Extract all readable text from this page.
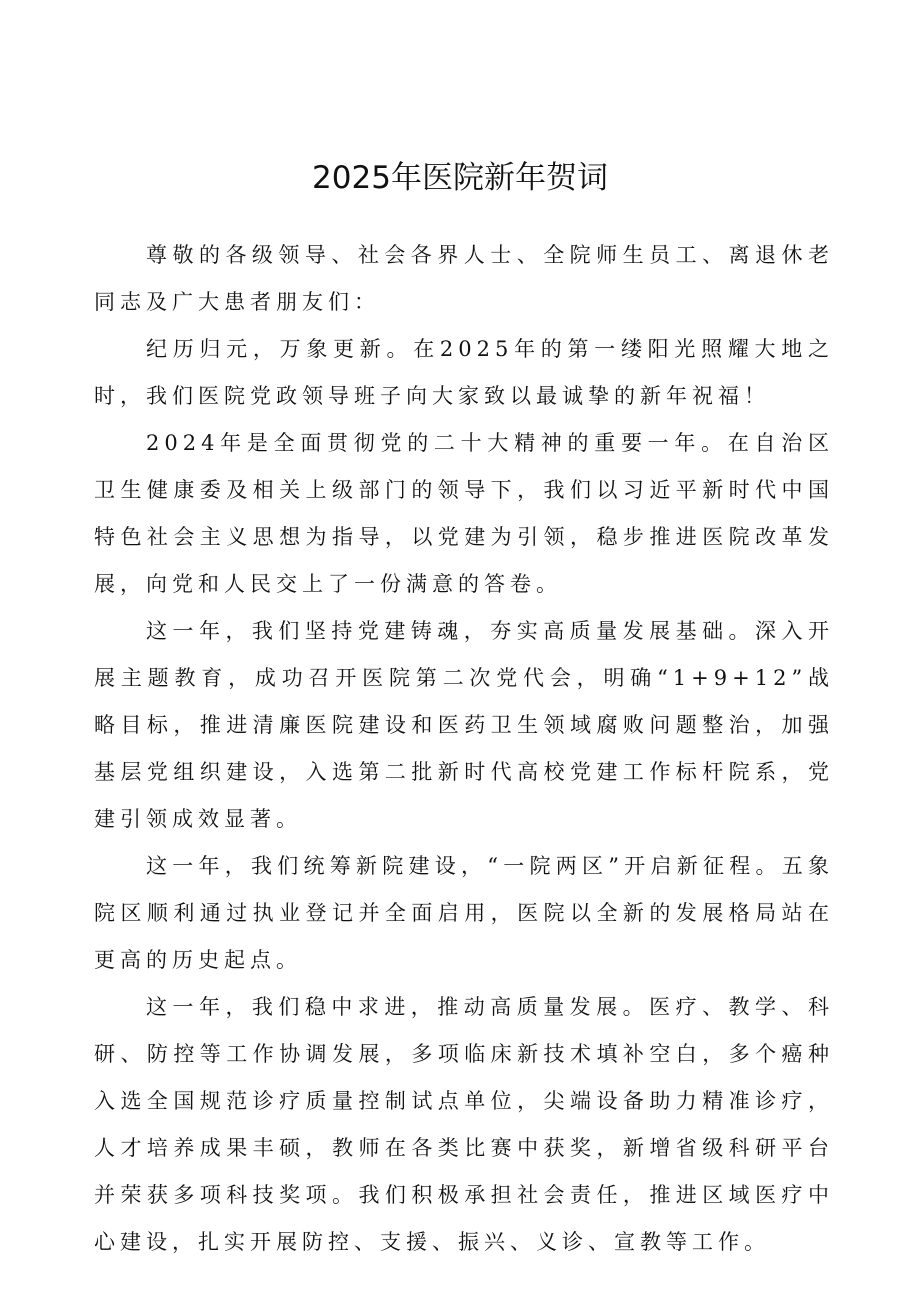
2025年医院新年贺词

尊敬的各级领导、社会各界人士、全院师生员工、离退休老同志及广大患者朋友们：

纪历归元，万象更新。在2025年的第一缕阳光照耀大地之时，我们医院党政领导班子向大家致以最诚挚的新年祝福！

2024年是全面贯彻党的二十大精神的重要一年。在自治区卫生健康委及相关上级部门的领导下，我们以习近平新时代中国特色社会主义思想为指导，以党建为引领，稳步推进医院改革发展，向党和人民交上了一份满意的答卷。

这一年，我们坚持党建铸魂，夯实高质量发展基础。深入开展主题教育，成功召开医院第二次党代会，明确“1+9+12”战略目标，推进清廉医院建设和医药卫生领域腐败问题整治，加强基层党组织建设，入选第二批新时代高校党建工作标杆院系，党建引领成效显著。

这一年，我们统筹新院建设，“一院两区”开启新征程。五象院区顺利通过执业登记并全面启用，医院以全新的发展格局站在更高的历史起点。

这一年，我们稳中求进，推动高质量发展。医疗、教学、科研、防控等工作协调发展，多项临床新技术填补空白，多个癌种入选全国规范诊疗质量控制试点单位，尖端设备助力精准诊疗，人才培养成果丰硕，教师在各类比赛中获奖，新增省级科研平台并荣获多项科技奖项。我们积极承担社会责任，推进区域医疗中心建设，扎实开展防控、支援、振兴、义诊、宣教等工作。
